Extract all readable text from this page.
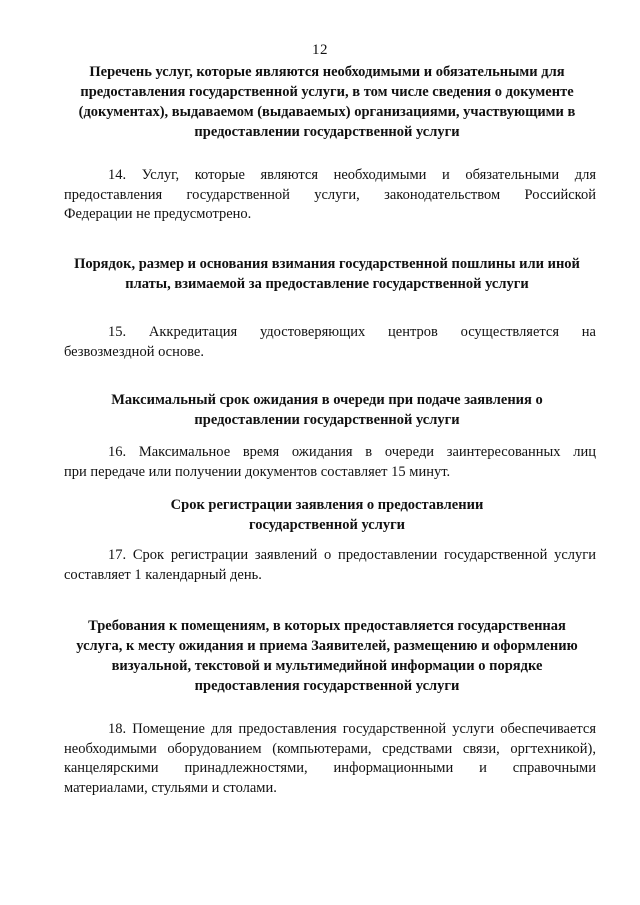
12
Перечень услуг, которые являются необходимыми и обязательными для
предоставления государственной услуги, в том числе сведения о документе
(документах), выдаваемом (выдаваемых) организациями, участвующими в
предоставлении государственной услуги
14. Услуг, которые являются необходимыми и обязательными для
предоставления государственной услуги, законодательством Российской
Федерации не предусмотрено.
Порядок, размер и основания взимания государственной пошлины или иной
платы, взимаемой за предоставление государственной услуги
15. Аккредитация удостоверяющих центров осуществляется на
безвозмездной основе.
Максимальный срок ожидания в очереди при подаче заявления о
предоставлении государственной услуги
16. Максимальное время ожидания в очереди заинтересованных лиц
при передаче или получении документов составляет 15 минут.
Срок регистрации заявления о предоставлении
государственной услуги
17. Срок регистрации заявлений о предоставлении государственной услуги
составляет 1 календарный день.
Требования к помещениям, в которых предоставляется государственная
услуга, к месту ожидания и приема Заявителей, размещению и оформлению
визуальной, текстовой и мультимедийной информации о порядке
предоставления государственной услуги
18. Помещение для предоставления государственной услуги обеспечивается
необходимыми оборудованием (компьютерами, средствами связи, оргтехникой),
канцелярскими принадлежностями, информационными и справочными
материалами, стульями и столами.
